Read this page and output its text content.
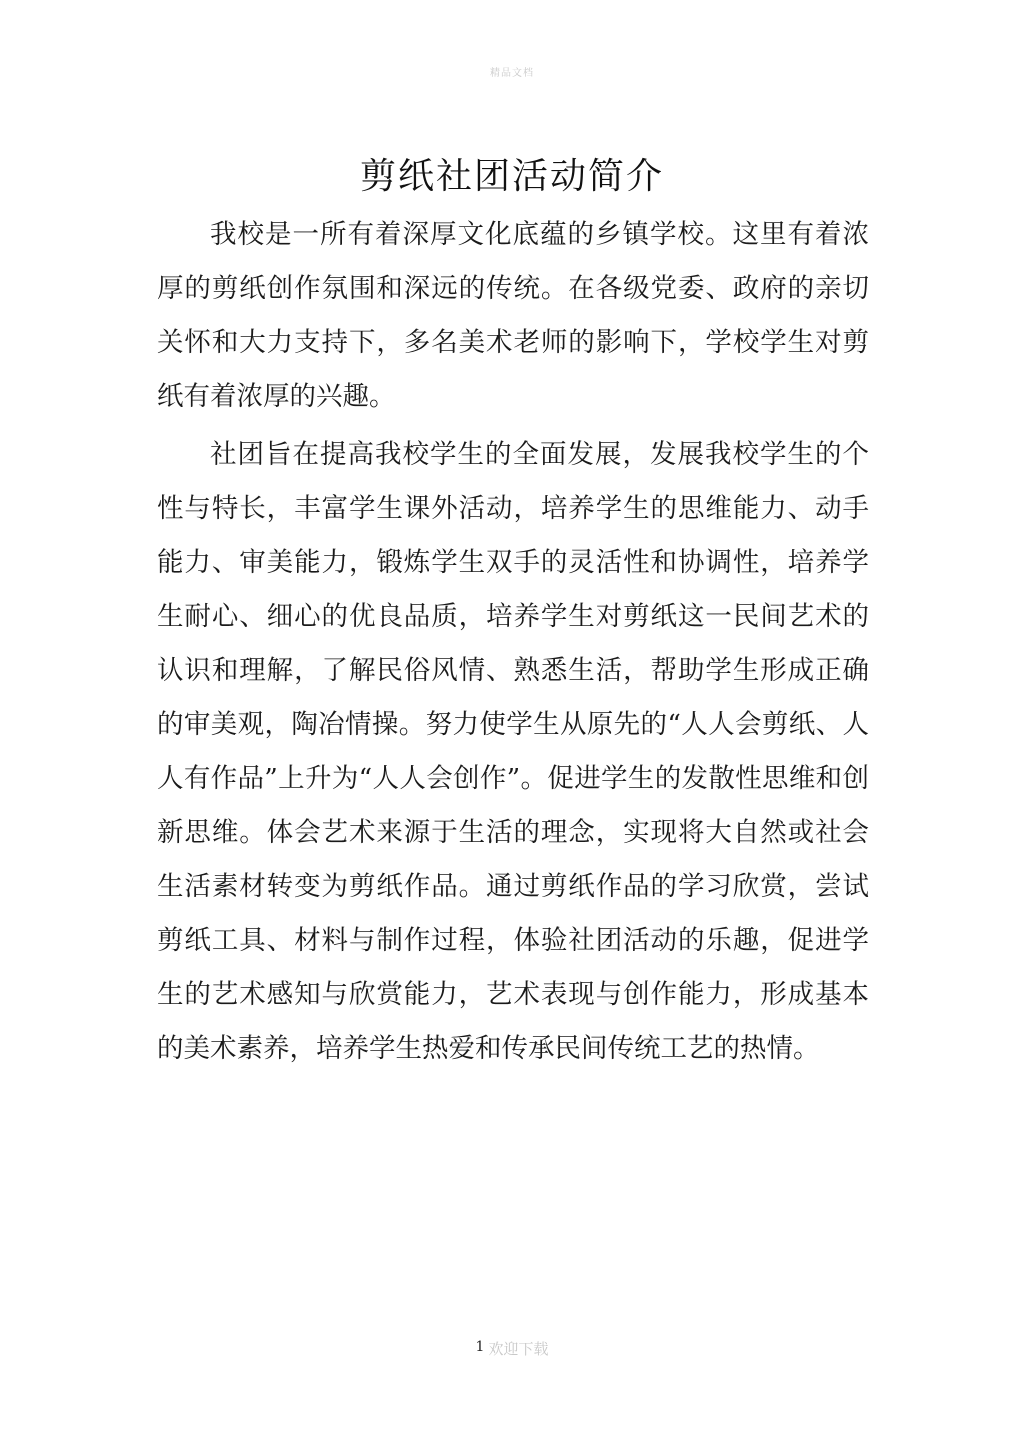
精品文档
剪纸社团活动简介

我校是一所有着深厚文化底蕴的乡镇学校。这里有着浓厚的剪纸创作氛围和深远的传统。在各级党委、政府的亲切关怀和大力支持下，多名美术老师的影响下，学校学生对剪纸有着浓厚的兴趣。

社团旨在提高我校学生的全面发展，发展我校学生的个性与特长，丰富学生课外活动，培养学生的思维能力、动手能力、审美能力，锻炼学生双手的灵活性和协调性，培养学生耐心、细心的优良品质，培养学生对剪纸这一民间艺术的认识和理解，了解民俗风情、熟悉生活，帮助学生形成正确的审美观，陶冶情操。努力使学生从原先的“人人会剪纸、人人有作品”上升为“人人会创作”。促进学生的发散性思维和创新思维。体会艺术来源于生活的理念，实现将大自然或社会生活素材转变为剪纸作品。通过剪纸作品的学习欣赏，尝试剪纸工具、材料与制作过程，体验社团活动的乐趣，促进学生的艺术感知与欣赏能力，艺术表现与创作能力，形成基本的美术素养，培养学生热爱和传承民间传统工艺的热情。

1 欢迎下载
